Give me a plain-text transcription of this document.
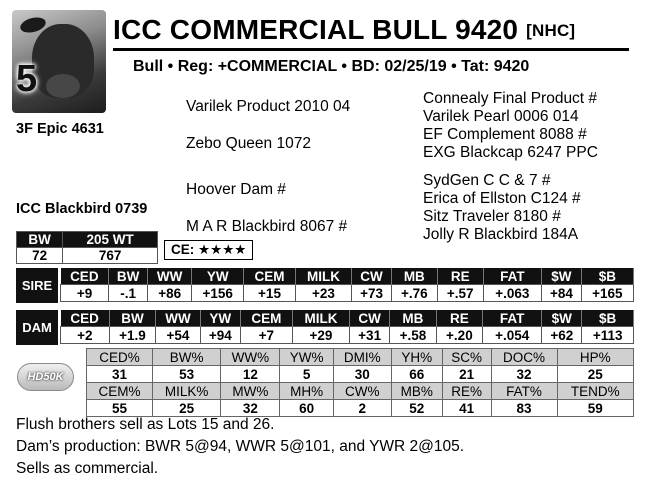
5
ICC COMMERCIAL BULL 9420 [NHC]
Bull • Reg: +COMMERCIAL • BD: 02/25/19 • Tat: 9420
3F Epic 4631
ICC Blackbird 0739
Varilek Product 2010 04
Zebo Queen 1072
Hoover Dam #
M A R Blackbird 8067 #
Connealy Final Product #
Varilek Pearl 0006 014
EF Complement 8088 #
EXG Blackcap 6247 PPC
SydGen C C & 7 #
Erica of Ellston C124 #
Sitz Traveler 8180 #
Jolly R Blackbird 184A
BW	205 WT
72	767	CE: ★★★★
SIRE
CED	BW	WW	YW	CEM	MILK	CW	MB	RE	FAT	$W	$B
+9	-.1	+86	+156	+15	+23	+73	+.76	+.57	+.063	+84	+165
DAM
CED	BW	WW	YW	CEM	MILK	CW	MB	RE	FAT	$W	$B
+2	+1.9	+54	+94	+7	+29	+31	+.58	+.20	+.054	+62	+113
HD50K
CED%	BW%	WW%	YW%	DMI%	YH%	SC%	DOC%	HP%
31	53	12	5	30	66	21	32	25
CEM%	MILK%	MW%	MH%	CW%	MB%	RE%	FAT%	TEND%
55	25	32	60	2	52	41	83	59
Flush brothers sell as Lots 15 and 26.
Dam’s production: BWR 5@94, WWR 5@101, and YWR 2@105.
Sells as commercial.
